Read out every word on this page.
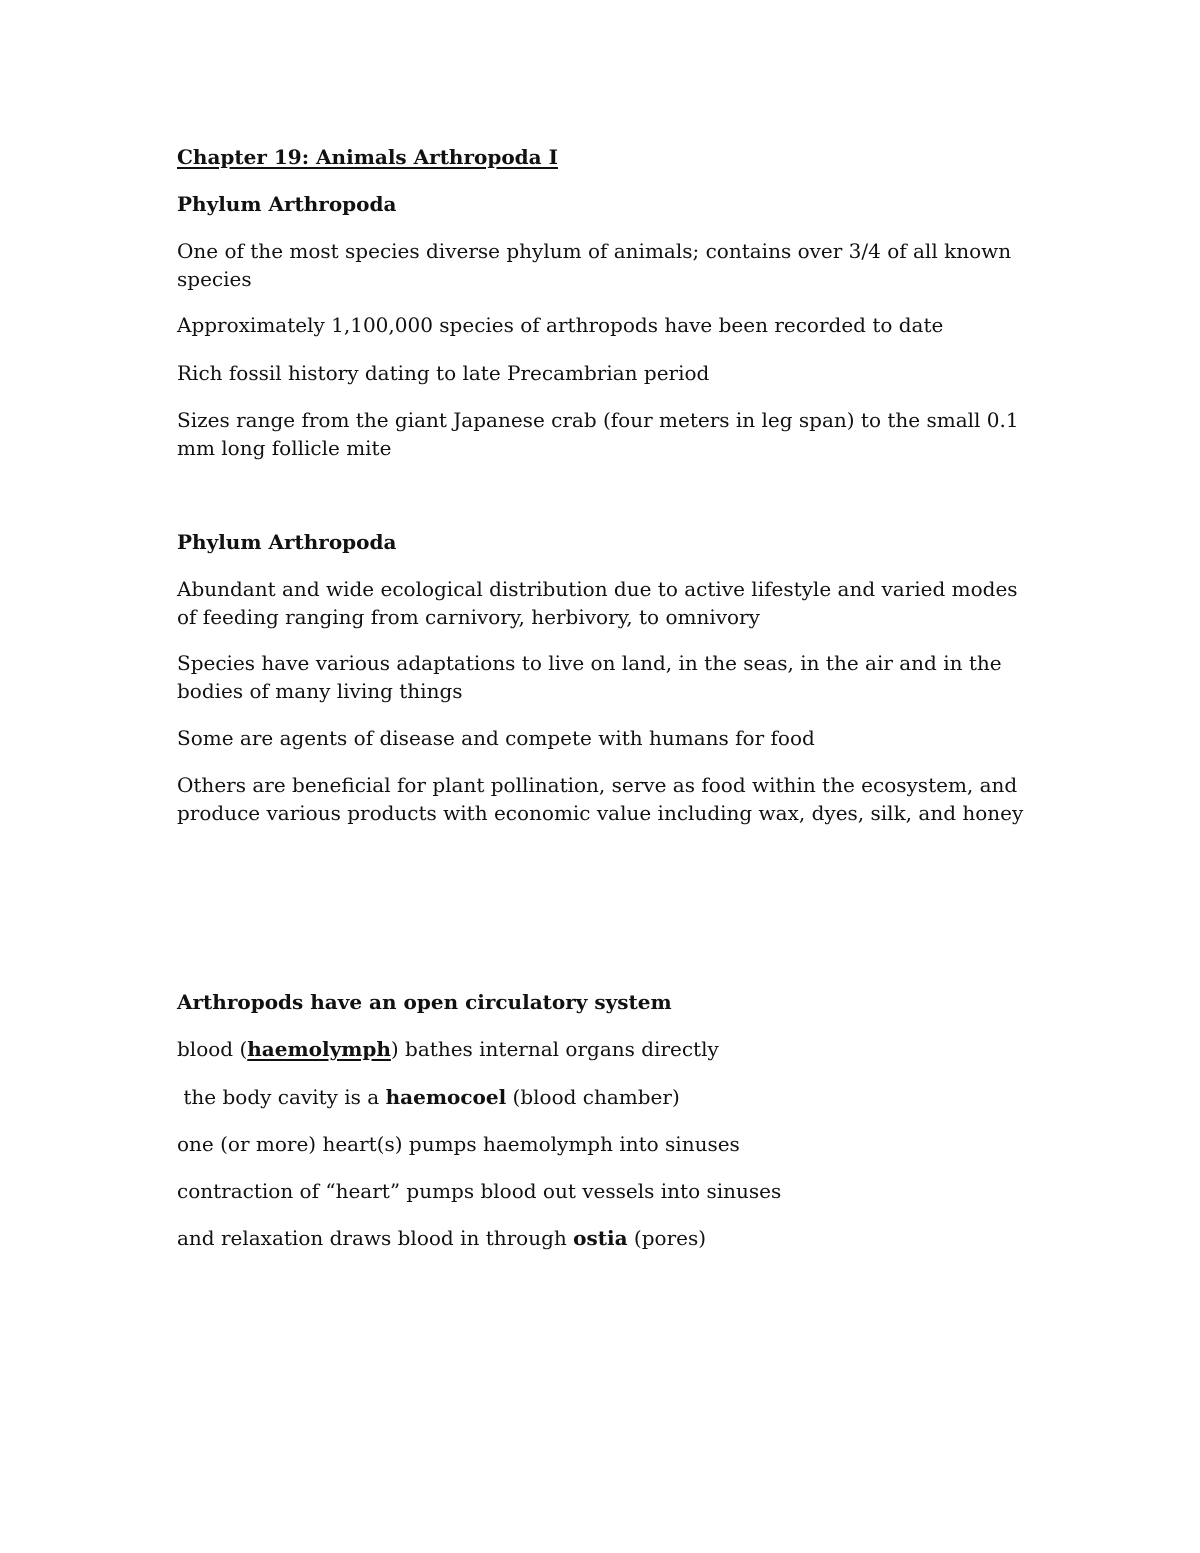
Chapter 19: Animals Arthropoda I
Phylum Arthropoda
One of the most species diverse phylum of animals; contains over 3/4 of all known species
Approximately 1,100,000 species of arthropods have been recorded to date
Rich fossil history dating to late Precambrian period
Sizes range from the giant Japanese crab (four meters in leg span) to the small 0.1 mm long follicle mite
Phylum Arthropoda
Abundant and wide ecological distribution due to active lifestyle and varied modes of feeding ranging from carnivory, herbivory, to omnivory
Species have various adaptations to live on land, in the seas, in the air and in the bodies of many living things
Some are agents of disease and compete with humans for food
Others are beneficial for plant pollination, serve as food within the ecosystem, and produce various products with economic value including wax, dyes, silk, and honey
Arthropods have an open circulatory system
blood (haemolymph) bathes internal organs directly
the body cavity is a haemocoel (blood chamber)
one (or more) heart(s) pumps haemolymph into sinuses
contraction of “heart” pumps blood out vessels into sinuses
and relaxation draws blood in through ostia (pores)
